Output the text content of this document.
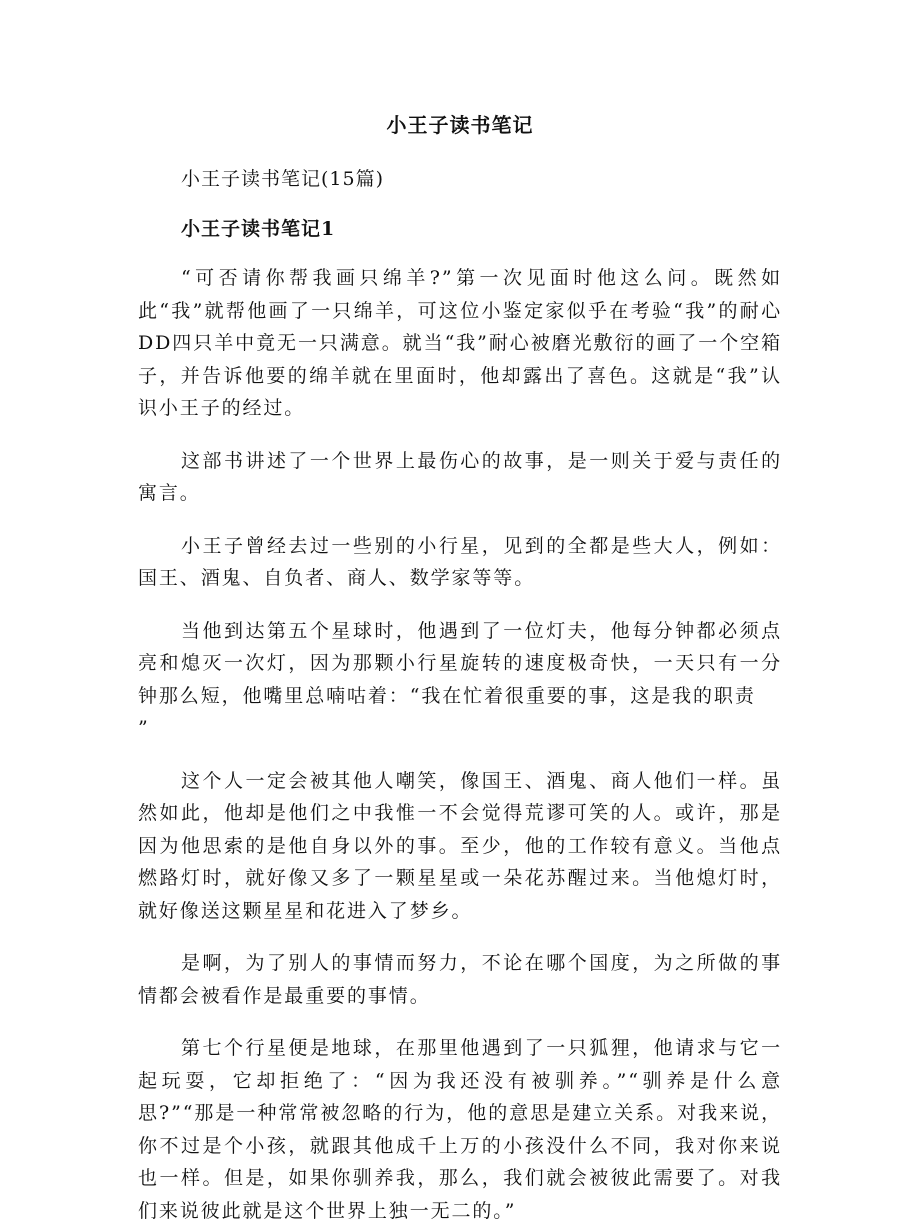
小王子读书笔记

小王子读书笔记(15篇)

小王子读书笔记1

“可否请你帮我画只绵羊?”第一次见面时他这么问。既然如此“我”就帮他画了一只绵羊，可这位小鉴定家似乎在考验“我”的耐心DD四只羊中竟无一只满意。就当“我”耐心被磨光敷衍的画了一个空箱子，并告诉他要的绵羊就在里面时，他却露出了喜色。这就是“我”认识小王子的经过。

这部书讲述了一个世界上最伤心的故事，是一则关于爱与责任的寓言。

小王子曾经去过一些别的小行星，见到的全都是些大人，例如：国王、酒鬼、自负者、商人、数学家等等。

当他到达第五个星球时，他遇到了一位灯夫，他每分钟都必须点亮和熄灭一次灯，因为那颗小行星旋转的速度极奇快，一天只有一分钟那么短，他嘴里总喃咕着：“我在忙着很重要的事，这是我的职责
”

这个人一定会被其他人嘲笑，像国王、酒鬼、商人他们一样。虽然如此，他却是他们之中我惟一不会觉得荒谬可笑的人。或许，那是因为他思索的是他自身以外的事。至少，他的工作较有意义。当他点燃路灯时，就好像又多了一颗星星或一朵花苏醒过来。当他熄灯时，就好像送这颗星星和花进入了梦乡。

是啊，为了别人的事情而努力，不论在哪个国度，为之所做的事情都会被看作是最重要的事情。

第七个行星便是地球，在那里他遇到了一只狐狸，他请求与它一起玩耍，它却拒绝了：“因为我还没有被驯养。”“驯养是什么意思?”“那是一种常常被忽略的行为，他的意思是建立关系。对我来说，你不过是个小孩，就跟其他成千上万的小孩没什么不同，我对你来说也一样。但是，如果你驯养我，那么，我们就会被彼此需要了。对我们来说彼此就是这个世界上独一无二的。”
